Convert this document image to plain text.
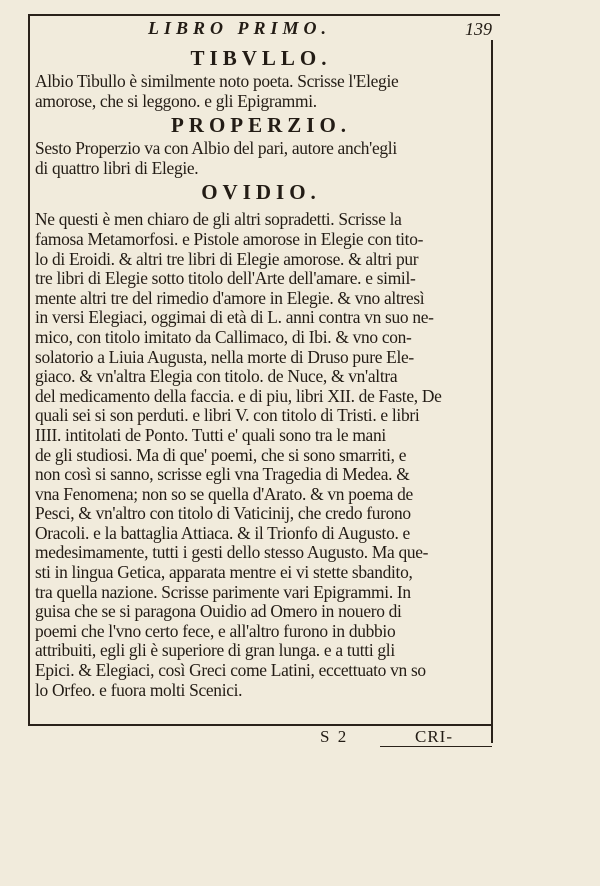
LIBRO PRIMO.	139
TIBVLLO.

Albio Tibullo è similmente noto poeta. Scrisse l'Elegie
amorose, che si leggono. e gli Epigrammi.

PROPERZIO.

Sesto Properzio va con Albio del pari, autore anch'egli
di quattro libri di Elegie.

OVIDIO.

Ne questi è men chiaro de gli altri sopradetti. Scrisse la
famosa Metamorfosi. e Pistole amorose in Elegie con tito-
lo di Eroidi. & altri tre libri di Elegie amorose. & altri pur
tre libri di Elegie sotto titolo dell'Arte dell'amare. e simil-
mente altri tre del rimedio d'amore in Elegie. & vno altresì
in versi Elegiaci, oggimai di età di L. anni contra vn suo ne-
mico, con titolo imitato da Callimaco, di Ibi. & vno con-
solatorio a Liuia Augusta, nella morte di Druso pure Ele-
giaco. & vn'altra Elegia con titolo. de Nuce, & vn'altra
del medicamento della faccia. e di piu, libri XII. de Faste, De
quali sei si son perduti. e libri V. con titolo di Tristi. e libri
IIII. intitolati de Ponto. Tutti e' quali sono tra le mani
de gli studiosi. Ma di que' poemi, che si sono smarriti, e
non così si sanno, scrisse egli vna Tragedia di Medea. &
vna Fenomena; non so se quella d'Arato. & vn poema de
Pesci, & vn'altro con titolo di Vaticinij, che credo furono
Oracoli. e la battaglia Attiaca. & il Trionfo di Augusto. e
medesimamente, tutti i gesti dello stesso Augusto. Ma que-
sti in lingua Getica, apparata mentre ei vi stette sbandito,
tra quella nazione. Scrisse parimente vari Epigrammi. In
guisa che se si paragona Ouidio ad Omero in nouero di
poemi che l'vno certo fece, e all'altro furono in dubbio
attribuiti, egli gli è superiore di gran lunga. e a tutti gli
Epici. & Elegiaci, così Greci come Latini, eccettuato vn so
lo Orfeo. e fuora molti Scenici.

S 2	CRI-
